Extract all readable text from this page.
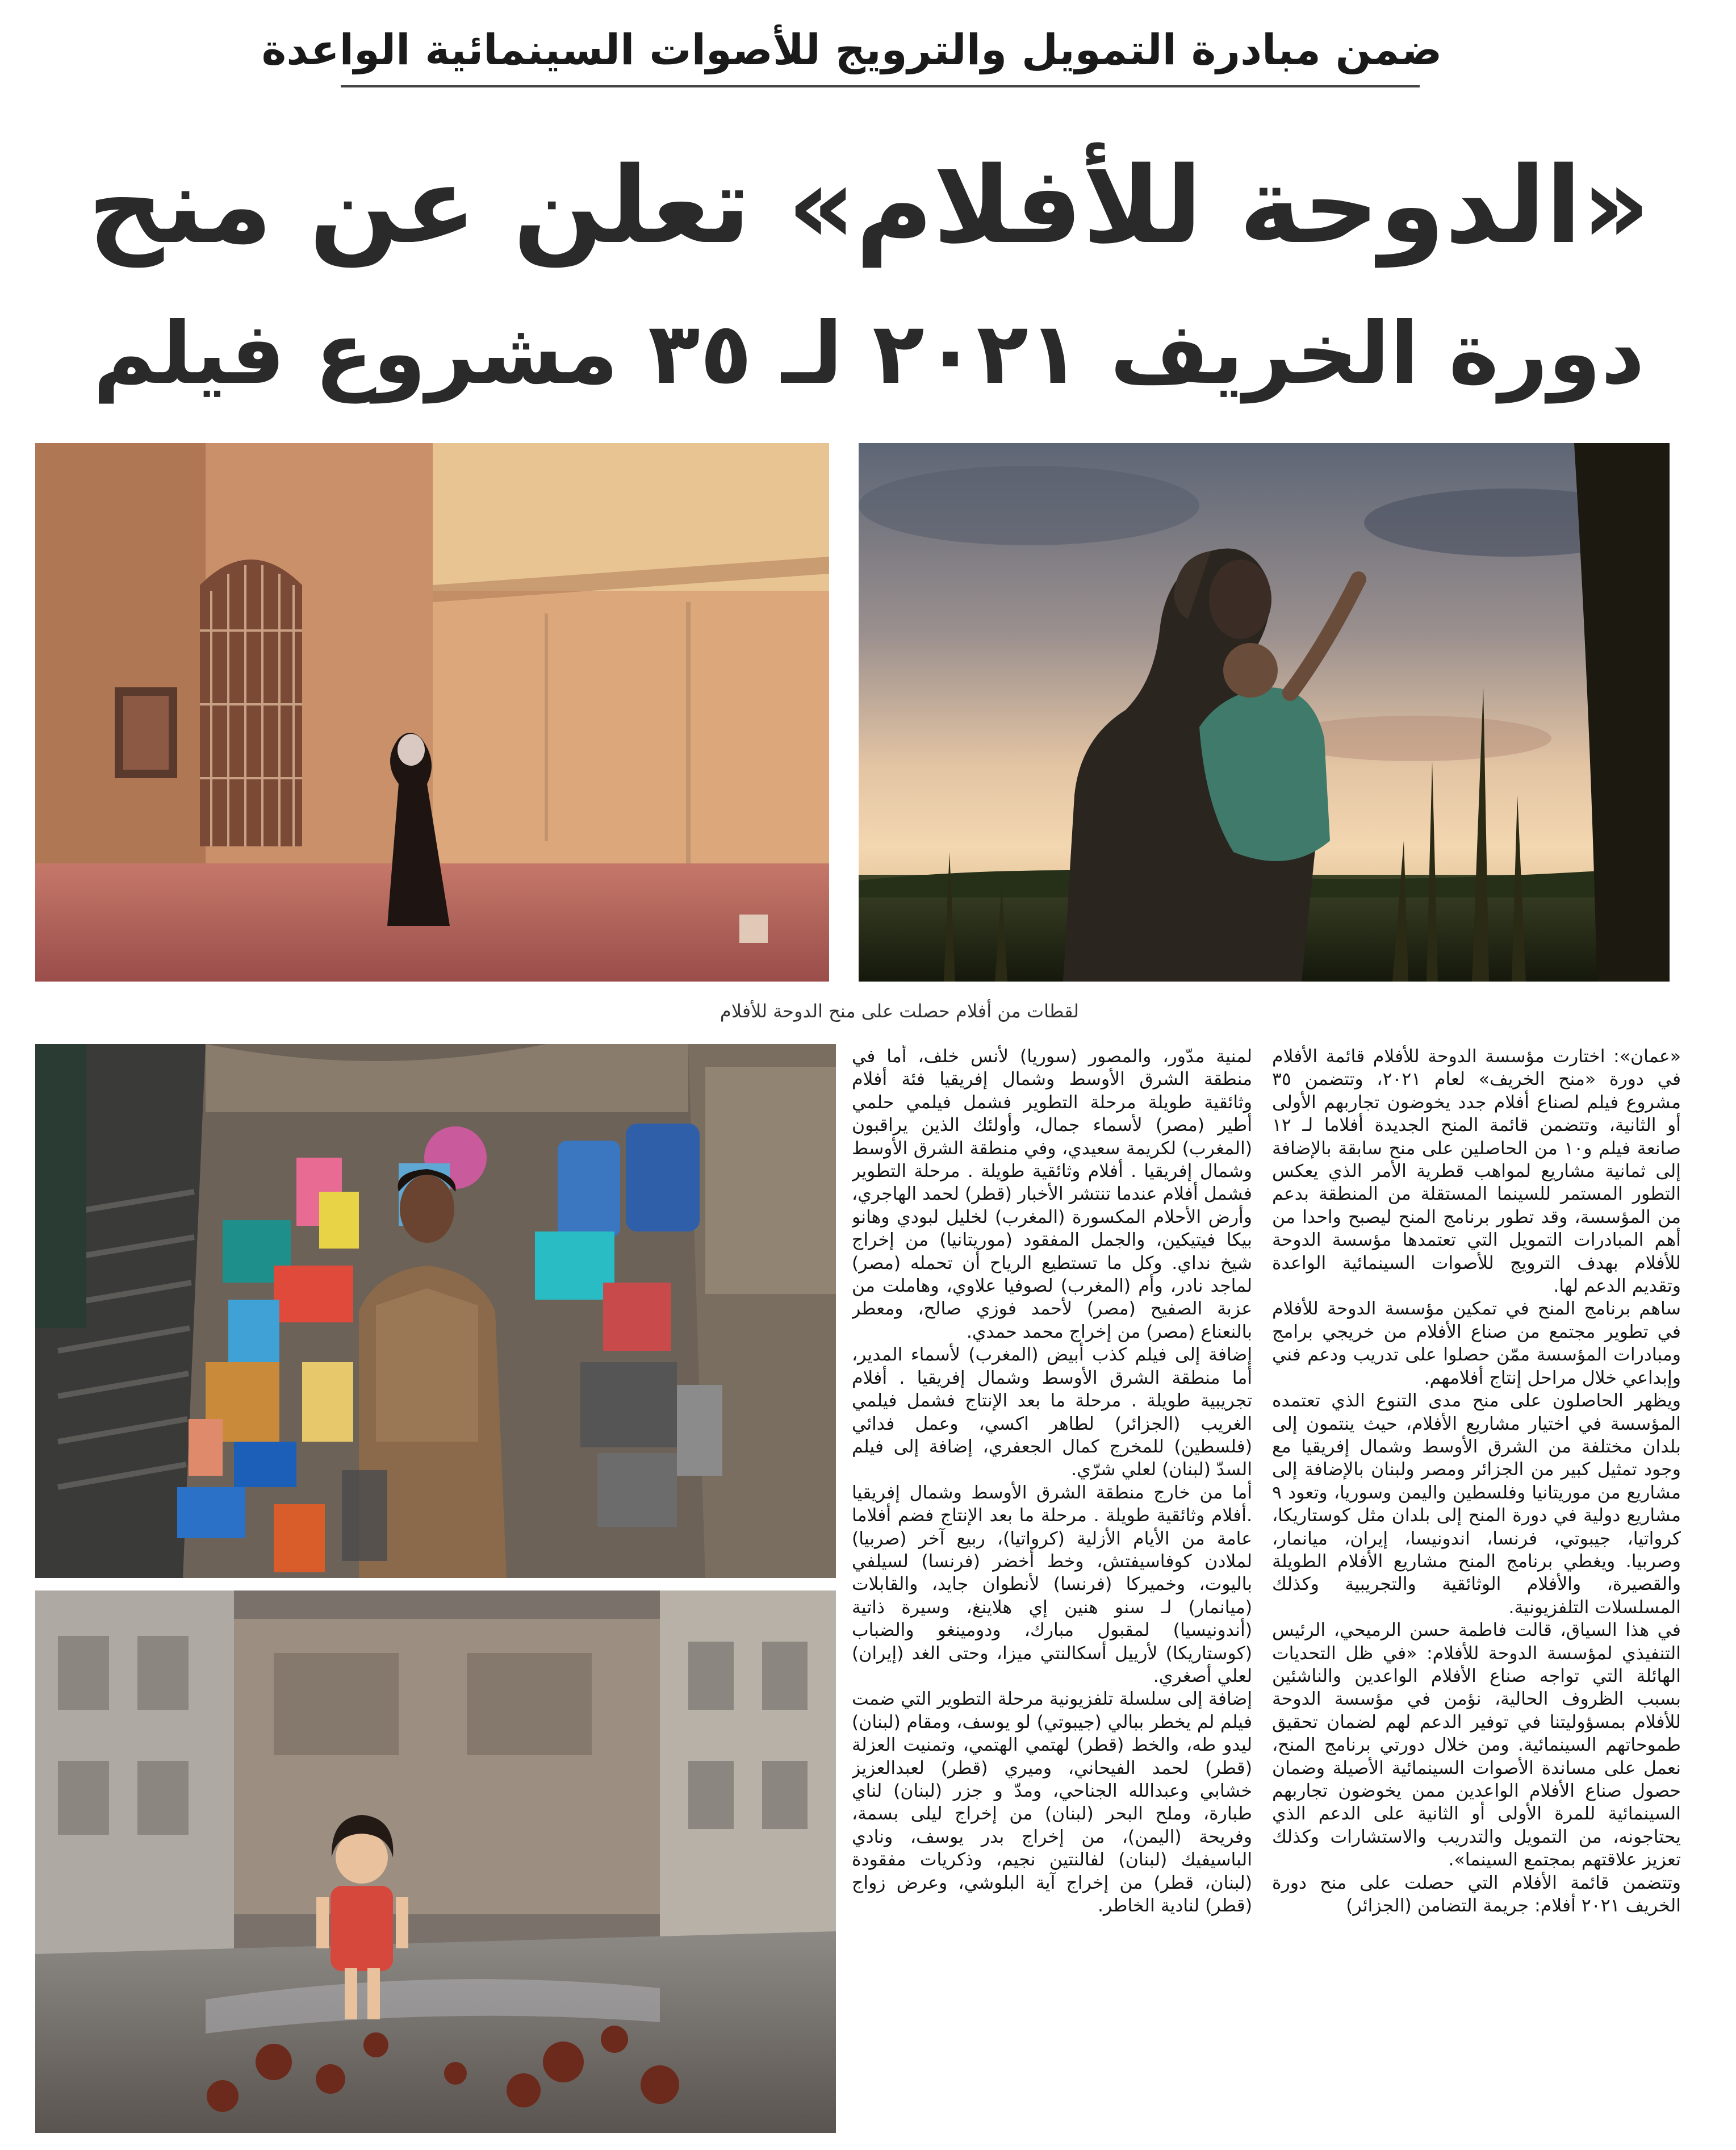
ضمن مبادرة التمويل والترويج للأصوات السينمائية الواعدة
«الدوحة للأفلام» تعلن عن منح
دورة الخريف ٢٠٢١ لـ ٣٥ مشروع فيلم
لقطات من أفلام حصلت على منح الدوحة للأفلام

«عمان»: اختارت مؤسسة الدوحة للأفلام قائمة الأفلام في دورة «منح الخريف» لعام ٢٠٢١، وتتضمن ٣٥ مشروع فيلم لصناع أفلام جدد يخوضون تجاربهم الأولى أو الثانية، وتتضمن قائمة المنح الجديدة أفلاما لـ ١٢ صانعة فيلم و١٠ من الحاصلين على منح سابقة بالإضافة إلى ثمانية مشاريع لمواهب قطرية الأمر الذي يعكس التطور المستمر للسينما المستقلة من المنطقة بدعم من المؤسسة، وقد تطور برنامج المنح ليصبح واحدا من أهم المبادرات التمويل التي تعتمدها مؤسسة الدوحة للأفلام بهدف الترويج للأصوات السينمائية الواعدة وتقديم الدعم لها.

ساهم برنامج المنح في تمكين مؤسسة الدوحة للأفلام في تطوير مجتمع من صناع الأفلام من خريجي برامج ومبادرات المؤسسة ممّن حصلوا على تدريب ودعم فني وإبداعي خلال مراحل إنتاج أفلامهم.

ويظهر الحاصلون على منح مدى التنوع الذي تعتمده المؤسسة في اختيار مشاريع الأفلام، حيث ينتمون إلى بلدان مختلفة من الشرق الأوسط وشمال إفريقيا مع وجود تمثيل كبير من الجزائر ومصر ولبنان بالإضافة إلى مشاريع من موريتانيا وفلسطين واليمن وسوريا، وتعود ٩ مشاريع دولية في دورة المنح إلى بلدان مثل كوستاريكا، كرواتيا، جيبوتي، فرنسا، اندونيسا، إيران، ميانمار، وصربيا. ويغطي برنامج المنح مشاريع الأفلام الطويلة والقصيرة، والأفلام الوثائقية والتجريبية وكذلك المسلسلات التلفزيونية.

في هذا السياق، قالت فاطمة حسن الرميحي، الرئيس التنفيذي لمؤسسة الدوحة للأفلام: «في ظل التحديات الهائلة التي تواجه صناع الأفلام الواعدين والناشئين بسبب الظروف الحالية، نؤمن في مؤسسة الدوحة للأفلام بمسؤوليتنا في توفير الدعم لهم لضمان تحقيق طموحاتهم السينمائية. ومن خلال دورتي برنامج المنح، نعمل على مساندة الأصوات السينمائية الأصيلة وضمان حصول صناع الأفلام الواعدين ممن يخوضون تجاربهم السينمائية للمرة الأولى أو الثانية على الدعم الذي يحتاجونه، من التمويل والتدريب والاستشارات وكذلك تعزيز علاقتهم بمجتمع السينما».

وتتضمن قائمة الأفلام التي حصلت على منح دورة الخريف ٢٠٢١ أفلام: جريمة التضامن (الجزائر)

لمنية مدّور، والمصور (سوريا) لأنس خلف، أما في منطقة الشرق الأوسط وشمال إفريقيا فئة أفلام وثائقية طويلة مرحلة التطوير فشمل فيلمي حلمي أطير (مصر) لأسماء جمال، وأولئك الذين يراقبون (المغرب) لكريمة سعيدي، وفي منطقة الشرق الأوسط وشمال إفريقيا . أفلام وثائقية طويلة . مرحلة التطوير فشمل أفلام عندما تنتشر الأخبار (قطر) لحمد الهاجري، وأرض الأحلام المكسورة (المغرب) لخليل لبودي وهانو بيكا فيتيكين، والجمل المفقود (موريتانيا) من إخراج شيخ نداي. وكل ما تستطيع الرياح أن تحمله (مصر) لماجد نادر، وأم (المغرب) لصوفيا علاوي، وهاملت من عزبة الصفيح (مصر) لأحمد فوزي صالح، ومعطر بالنعناع (مصر) من إخراج محمد حمدي.

إضافة إلى فيلم كذب أبيض (المغرب) لأسماء المدير، أما منطقة الشرق الأوسط وشمال إفريقيا . أفلام تجريبية طويلة . مرحلة ما بعد الإنتاج فشمل فيلمي الغريب (الجزائر) لطاهر اكسي، وعمل فدائي (فلسطين) للمخرج كمال الجعفري، إضافة إلى فيلم السدّ (لبنان) لعلي شرّي.

أما من خارج منطقة الشرق الأوسط وشمال إفريقيا .أفلام وثائقية طويلة . مرحلة ما بعد الإنتاج فضم أفلاما عامة من الأيام الأزلية (كرواتيا)، ربيع آخر (صربيا) لملادن كوفاسيفتش، وخط أخضر (فرنسا) لسيلفي باليوت، وخميركا (فرنسا) لأنطوان جايد، والقابلات (ميانمار) لـ سنو هنين إي هلاينغ، وسيرة ذاتية (أندونيسيا) لمقبول مبارك، ودومينغو والضباب (كوستاريكا) لأرييل أسكالنتي ميزا، وحتى الغد (إيران) لعلي أصغري.

إضافة إلى سلسلة تلفزيونية مرحلة التطوير التي ضمت فيلم لم يخطر ببالي (جيبوتي) لو يوسف، ومقام (لبنان) ليدو طه، والخط (قطر) لهتمي الهتمي، وتمنيت العزلة (قطر) لحمد الفيحاني، وميري (قطر) لعبدالعزيز خشابي وعبدالله الجناحي، ومدّ و جزر (لبنان) لناي طبارة، وملح البحر (لبنان) من إخراج ليلى بسمة، وفريحة (اليمن)، من إخراج بدر يوسف، ونادي الباسيفيك (لبنان) لفالنتين نجيم، وذكريات مفقودة (لبنان، قطر) من إخراج آية البلوشي، وعرض زواج (قطر) لنادية الخاطر.
